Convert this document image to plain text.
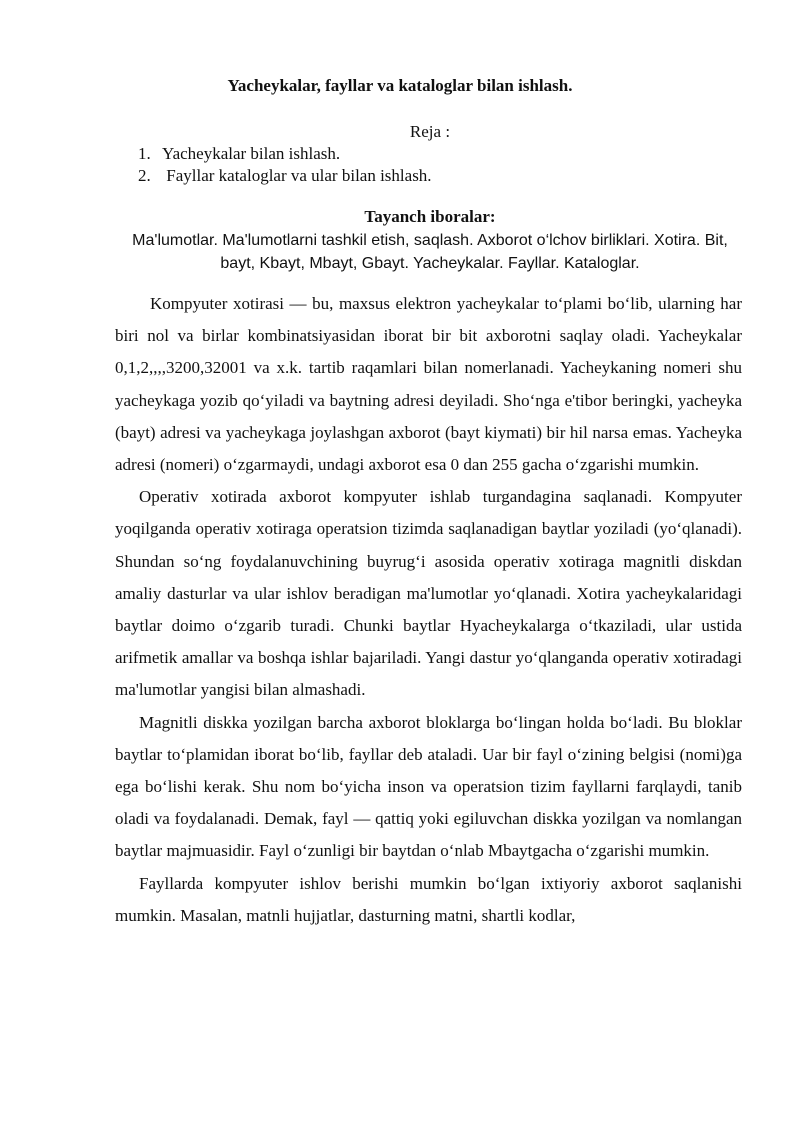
Yacheykalar, fayllar va kataloglar bilan ishlash.
Reja :
1. Yacheykalar bilan ishlash.
2. Fayllar kataloglar va ular bilan ishlash.
Tayanch iboralar:

Ma'lumotlar. Ma'lumotlarni tashkil etish, saqlash. Axborot o‘lchov birliklari. Xotira. Bit, bayt, Kbayt, Mbayt, Gbayt. Yacheykalar. Fayllar. Kataloglar.

Kompyuter xotirasi — bu, maxsus elektron yacheykalar to‘plami bo‘lib, ularning har biri nol va birlar kombinatsiyasidan iborat bir bit axborotni saqlay oladi. Yacheykalar 0,1,2,,,,3200,32001 va x.k. tartib raqamlari bilan nomerlanadi. Yacheykaning nomeri shu yacheykaga yozib qo‘yiladi va baytning adresi deyiladi. Sho‘nga e'tibor beringki, yacheyka (bayt) adresi va yacheykaga joylashgan axborot (bayt kiymati) bir hil narsa emas. Yacheyka adresi (nomeri) o‘zgarmaydi, undagi axborot esa 0 dan 255 gacha o‘zgarishi mumkin.

Operativ xotirada axborot kompyuter ishlab turgandagina saqlanadi. Kompyuter yoqilganda operativ xotiraga operatsion tizimda saqlanadigan baytlar yoziladi (yo‘qlanadi). Shundan so‘ng foydalanuvchining buyrug‘i asosida operativ xotiraga magnitli diskdan amaliy dasturlar va ular ishlov beradigan ma'lumotlar yo‘qlanadi. Xotira yacheykalaridagi baytlar doimo o‘zgarib turadi. Chunki baytlar Hyacheykalarga o‘tkaziladi, ular ustida arifmetik amallar va boshqa ishlar bajariladi. Yangi dastur yo‘qlanganda operativ xotiradagi ma'lumotlar yangisi bilan almashadi.

Magnitli diskka yozilgan barcha axborot bloklarga bo‘lingan holda bo‘ladi. Bu bloklar baytlar to‘plamidan iborat bo‘lib, fayllar deb ataladi. Uar bir fayl o‘zining belgisi (nomi)ga ega bo‘lishi kerak. Shu nom bo‘yicha inson va operatsion tizim fayllarni farqlaydi, tanib oladi va foydalanadi. Demak, fayl — qattiq yoki egiluvchan diskka yozilgan va nomlangan baytlar majmuasidir. Fayl o‘zunligi bir baytdan o‘nlab Mbaytgacha o‘zgarishi mumkin.

Fayllarda kompyuter ishlov berishi mumkin bo‘lgan ixtiyoriy axborot saqlanishi mumkin. Masalan, matnli hujjatlar, dasturning matni, shartli kodlar,
